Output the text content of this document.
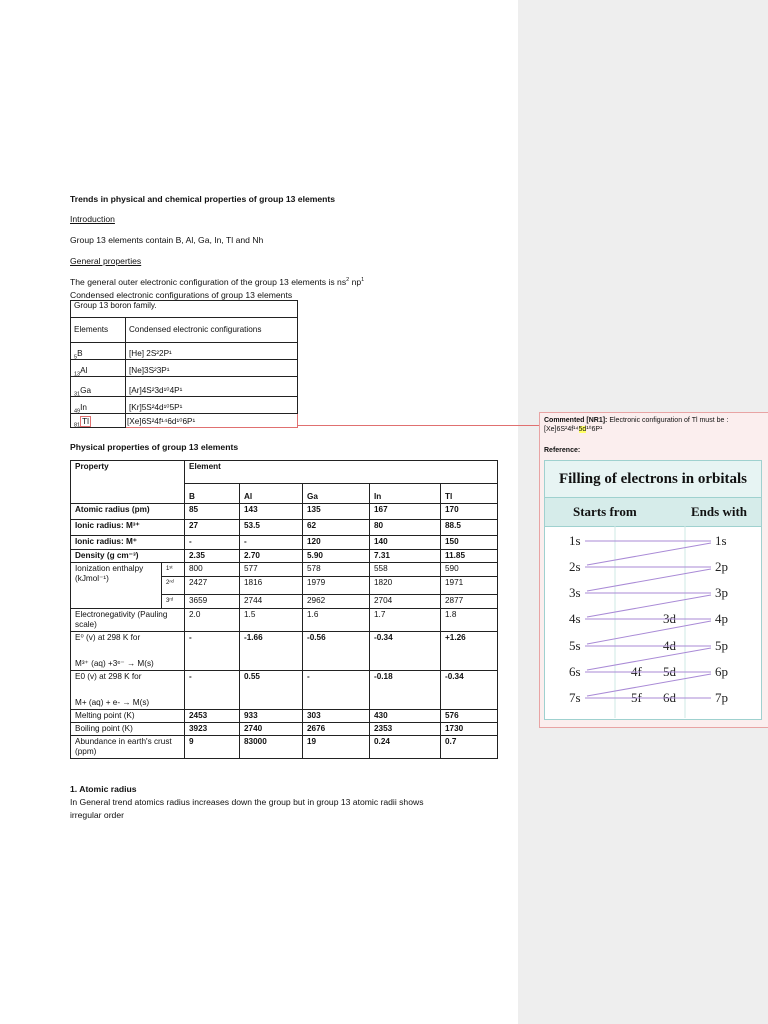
Trends in physical and chemical properties of group 13 elements
Introduction
Group 13 elements contain B, Al, Ga, In, Tl and Nh
General properties
The general outer electronic configuration of the group 13 elements is $ns^2$ $np^1$
Condensed electronic configurations of group 13 elements
Group 13 boron family.	
Elements	Condensed electronic configurations
$_5$B	[He] 2S²2P¹
$_{13}$Al	[Ne]3S²3P¹
$_{31}$Ga	[Ar]4S²3d¹⁰4P¹
$_{49}$In	[Kr]5S²4d¹⁰5P¹
$_{81}$ Tl	[Xe]6S²4f¹⁴6d¹⁰6P¹
Physical properties of group 13 elements
Property		Element				
		B	Al	Ga	In	Tl

Atomic radius (pm)		85	143	135	167	170

Ionic radius: M³⁺		27	53.5	62	80	88.5

Ionic radius: M⁺		-	-	120	140	150

Density (g cm⁻³)		2.35	2.70	5.90	7.31	11.85
Ionization enthalpy (kJmol⁻¹)	1ˢᵗ	800	577	578	558	590
	2ⁿᵈ	2427	1816	1979	1820	1971
	3ʳᵈ	3659	2744	2962	2704	2877

Electronegativity (Pauling scale)		2.0	1.5	1.6	1.7	1.8

E⁰ (v) at 298 K for
M³⁺ (aq) +3ᵉ⁻ → M(s)		-	-1.66	-0.56	-0.34	+1.26

E0 (v) at 298 K for
M+ (aq) + e- → M(s)		-	0.55	-	-0.18	-0.34

Melting point (K)		2453	933	303	430	576

Boiling point (K)		3923	2740	2676	2353	1730

Abundance in earth's crust (ppm)		9	83000	19	0.24	0.7
1. Atomic radius
In General trend atomics radius increases down the group but in group 13 atomic radii shows
irregular order
Commented [NR1]: Electronic configuration of Tl must be : [Xe]6S²4f¹⁴5d¹⁰6P¹
Reference:
Filling of electrons in orbitals
Starts from	Ends with
1s
2s
3s
4s
5s
6s
7s
1s
2p
3p
4p
5p
6p
7p
3d
4d
5d
6d
4f
5f
